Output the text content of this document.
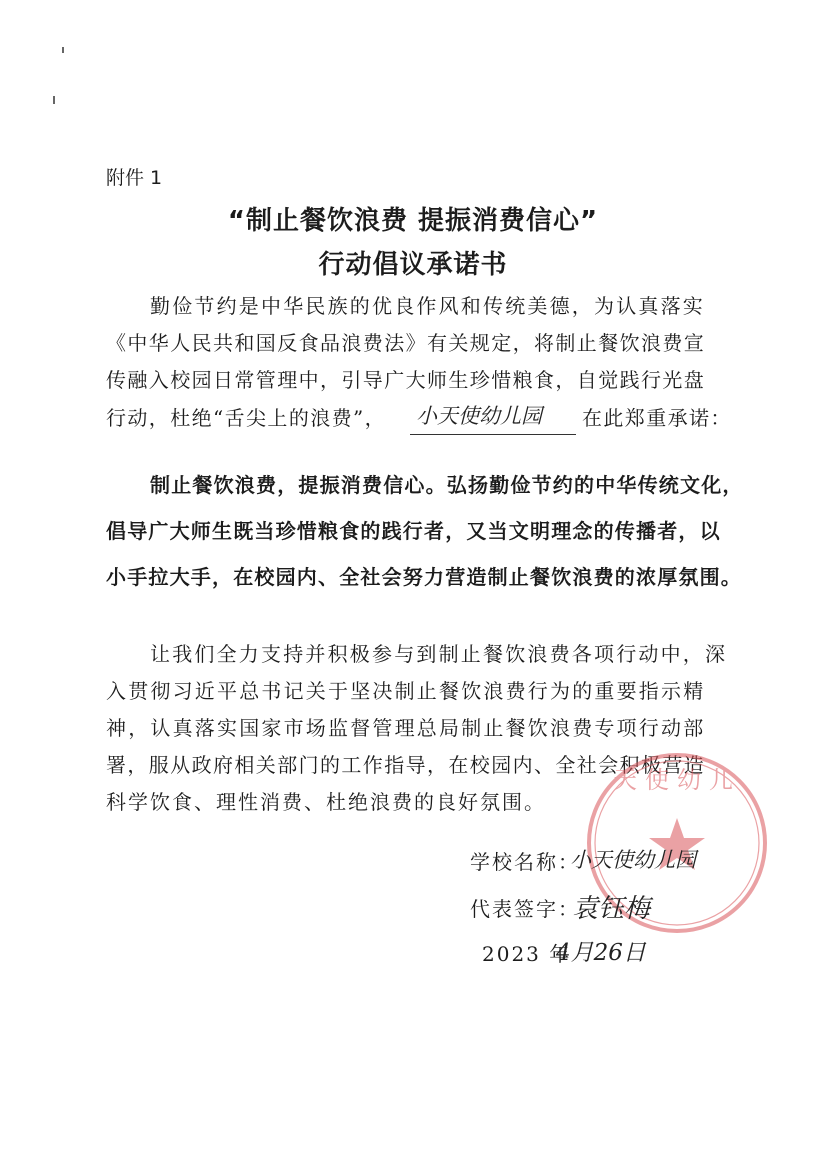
附件 1
“制止餐饮浪费 提振消费信心”
行动倡议承诺书
勤俭节约是中华民族的优良作风和传统美德，为认真落实
《中华人民共和国反食品浪费法》有关规定，将制止餐饮浪费宣
传融入校园日常管理中，引导广大师生珍惜粮食，自觉践行光盘
行动，杜绝“舌尖上的浪费”， 小天使幼儿园 在此郑重承诺：
制止餐饮浪费，提振消费信心。弘扬勤俭节约的中华传统文化，
倡导广大师生既当珍惜粮食的践行者，又当文明理念的传播者，以
小手拉大手，在校园内、全社会努力营造制止餐饮浪费的浓厚氛围。
让我们全力支持并积极参与到制止餐饮浪费各项行动中，深
入贯彻习近平总书记关于坚决制止餐饮浪费行为的重要指示精
神，认真落实国家市场监督管理总局制止餐饮浪费专项行动部
署，服从政府相关部门的工作指导，在校园内、全社会积极营造
科学饮食、理性消费、杜绝浪费的良好氛围。
天使幼儿
学校名称：
小天使幼儿园
代表签字：
袁钰梅
2023 年
4月26日
